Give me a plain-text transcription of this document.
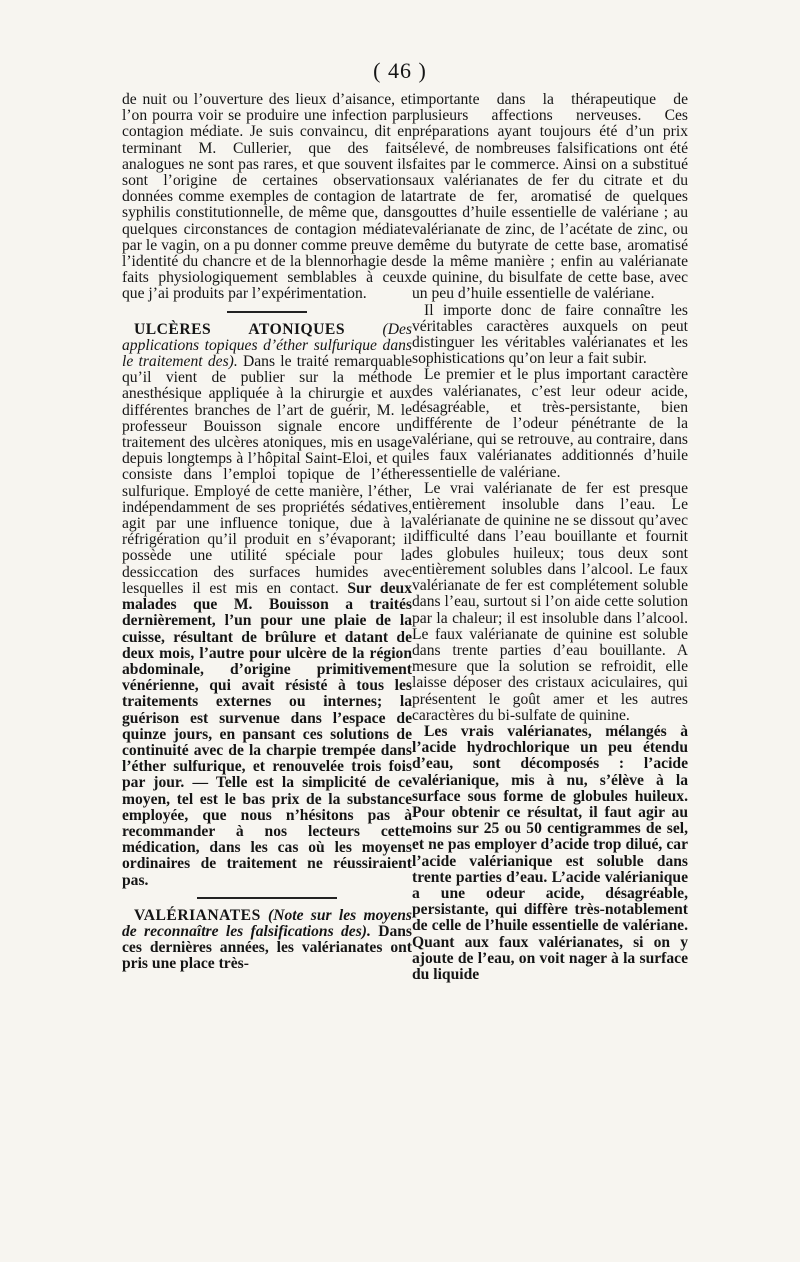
( 46 )

de nuit ou l’ouverture des lieux d’aisance, et l’on pourra voir se produire une infection par contagion médiate. Je suis convaincu, dit en terminant M. Cullerier, que des faits analogues ne sont pas rares, et que souvent ils sont l’origine de certaines observations données comme exemples de contagion de la syphilis constitutionnelle, de même que, dans quelques circonstances de contagion médiate par le vagin, on a pu donner comme preuve de l’identité du chancre et de la blennorhagie des faits physiologiquement semblables à ceux que j’ai produits par l’expérimentation.

ULCÈRES ATONIQUES (Des applications topiques d’éther sulfurique dans le traitement des). Dans le traité remarquable qu’il vient de publier sur la méthode anesthésique appliquée à la chirurgie et aux différentes branches de l’art de guérir, M. le professeur Bouisson signale encore un traitement des ulcères atoniques, mis en usage depuis longtemps à l’hôpital Saint-Eloi, et qui consiste dans l’emploi topique de l’éther sulfurique. Employé de cette manière, l’éther, indépendamment de ses propriétés sédatives, agit par une influence tonique, due à la réfrigération qu’il produit en s’évaporant; il possède une utilité spéciale pour la dessiccation des surfaces humides avec lesquelles il est mis en contact. Sur deux malades que M. Bouisson a traités dernièrement, l’un pour une plaie de la cuisse, résultant de brûlure et datant de deux mois, l’autre pour ulcère de la région abdominale, d’origine primitivement vénérienne, qui avait résisté à tous les traitements externes ou internes; la guérison est survenue dans l’espace de quinze jours, en pansant ces solutions de continuité avec de la charpie trempée dans l’éther sulfurique, et renouvelée trois fois par jour. — Telle est la simplicité de ce moyen, tel est le bas prix de la substance employée, que nous n’hésitons pas à recommander à nos lecteurs cette médication, dans les cas où les moyens ordinaires de traitement ne réussiraient pas.

VALÉRIANATES (Note sur les moyens de reconnaître les falsifications des). Dans ces dernières années, les valérianates ont pris une place très-

importante dans la thérapeutique de plusieurs affections nerveuses. Ces préparations ayant toujours été d’un prix élevé, de nombreuses falsifications ont été faites par le commerce. Ainsi on a substitué aux valérianates de fer du citrate et du tartrate de fer, aromatisé de quelques gouttes d’huile essentielle de valériane ; au valérianate de zinc, de l’acétate de zinc, ou même du butyrate de cette base, aromatisé de la même manière ; enfin au valérianate de quinine, du bisulfate de cette base, avec un peu d’huile essentielle de valériane.

Il importe donc de faire connaître les véritables caractères auxquels on peut distinguer les véritables valérianates et les sophistications qu’on leur a fait subir.

Le premier et le plus important caractère des valérianates, c’est leur odeur acide, désagréable, et très-persistante, bien différente de l’odeur pénétrante de la valériane, qui se retrouve, au contraire, dans les faux valérianates additionnés d’huile essentielle de valériane.

Le vrai valérianate de fer est presque entièrement insoluble dans l’eau. Le valérianate de quinine ne se dissout qu’avec difficulté dans l’eau bouillante et fournit des globules huileux; tous deux sont entièrement solubles dans l’alcool. Le faux valérianate de fer est complétement soluble dans l’eau, surtout si l’on aide cette solution par la chaleur; il est insoluble dans l’alcool. Le faux valérianate de quinine est soluble dans trente parties d’eau bouillante. A mesure que la solution se refroidit, elle laisse déposer des cristaux aciculaires, qui présentent le goût amer et les autres caractères du bi-sulfate de quinine.

Les vrais valérianates, mélangés à l’acide hydrochlorique un peu étendu d’eau, sont décomposés : l’acide valérianique, mis à nu, s’élève à la surface sous forme de globules huileux. Pour obtenir ce résultat, il faut agir au moins sur 25 ou 50 centigrammes de sel, et ne pas employer d’acide trop dilué, car l’acide valérianique est soluble dans trente parties d’eau. L’acide valérianique a une odeur acide, désagréable, persistante, qui diffère très-notablement de celle de l’huile essentielle de valériane. Quant aux faux valérianates, si on y ajoute de l’eau, on voit nager à la surface du liquide
